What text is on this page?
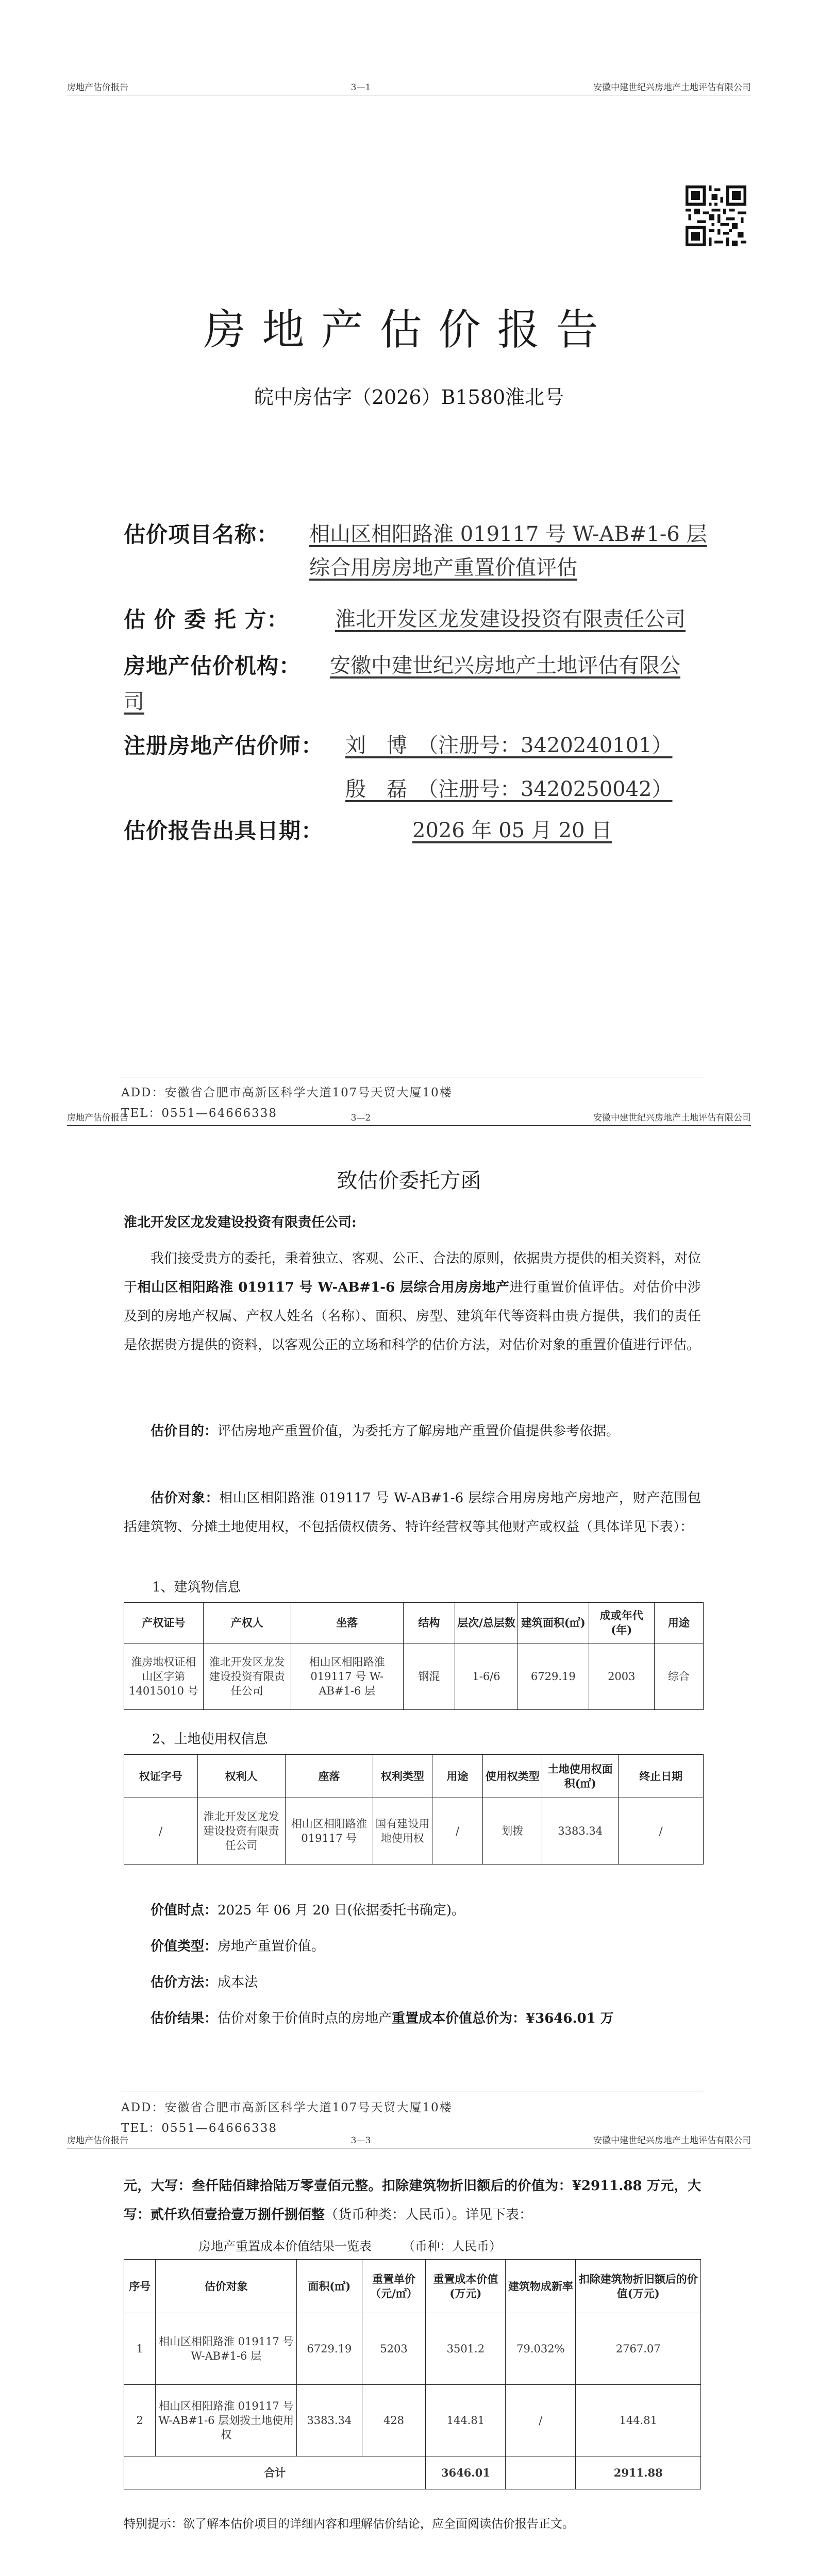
房地产估价报告	3—1	安徽中建世纪兴房地产土地评估有限公司
房地产估价报告
皖中房估字（2026）B1580淮北号
估价项目名称： 相山区相阳路淮 019117 号 W-AB#1-6 层
综合用房房地产重置价值评估
估 价 委 托 方：	淮北开发区龙发建设投资有限责任公司
房地产估价机构：	安徽中建世纪兴房地产土地评估有限公
司
注册房地产估价师：	刘　博　（注册号：3420240101）
殷　磊　（注册号：3420250042）
估价报告出具日期：	2026 年 05 月 20 日
ADD：安徽省合肥市高新区科学大道107号天贸大厦10楼
TEL：0551—64666338
房地产估价报告	3—2	安徽中建世纪兴房地产土地评估有限公司
致估价委托方函
淮北开发区龙发建设投资有限责任公司:
我们接受贵方的委托，秉着独立、客观、公正、合法的原则，依据贵方提供的相关资料，对位于相山区相阳路淮 019117 号 W-AB#1-6 层综合用房房地产进行重置价值评估。对估价中涉及到的房地产权属、产权人姓名（名称）、面积、房型、建筑年代等资料由贵方提供，我们的责任是依据贵方提供的资料，以客观公正的立场和科学的估价方法，对估价对象的重置价值进行评估。
估价目的：评估房地产重置价值，为委托方了解房地产重置价值提供参考依据。
估价对象：相山区相阳路淮 019117 号 W-AB#1-6 层综合用房房地产房地产，财产范围包括建筑物、分摊土地使用权，不包括债权债务、特许经营权等其他财产或权益（具体详见下表）：
1、建筑物信息
产权证号	产权人	坐落	结构	层次/总层数	建筑面积(㎡)	成或年代(年)	用途
淮房地权证相山区字第 14015010 号	淮北开发区龙发建设投资有限责任公司	相山区相阳路淮 019117 号 W-AB#1-6 层	钢混	1-6/6	6729.19	2003	综合
2、土地使用权信息
权证字号	权利人	座落	权利类型	用途	使用权类型	土地使用权面积(㎡)	终止日期
/	淮北开发区龙发建设投资有限责任公司	相山区相阳路淮 019117 号	国有建设用地使用权	/	划拨	3383.34	/
价值时点：2025 年 06 月 20 日(依据委托书确定)。
价值类型：房地产重置价值。
估价方法：成本法
估价结果：估价对象于价值时点的房地产重置成本价值总价为：¥3646.01 万
ADD：安徽省合肥市高新区科学大道107号天贸大厦10楼
TEL：0551—64666338
房地产估价报告	3—3	安徽中建世纪兴房地产土地评估有限公司
元，大写：叁仟陆佰肆拾陆万零壹佰元整。扣除建筑物折旧额后的价值为：¥2911.88 万元，大写：贰仟玖佰壹拾壹万捌仟捌佰整（货币种类：人民币）。详见下表：
房地产重置成本价值结果一览表　　　（币种：人民币）
序号	估价对象	面积(㎡)	重置单价（元/㎡）	重置成本价值(万元)	建筑物成新率	扣除建筑物折旧额后的价值(万元)
1	相山区相阳路淮 019117 号 W-AB#1-6 层	6729.19	5203	3501.2	79.032%	2767.07
2	相山区相阳路淮 019117 号 W-AB#1-6 层划拨土地使用权	3383.34	428	144.81	/	144.81
合计				3646.01		2911.88
特别提示：欲了解本估价项目的详细内容和理解估价结论，应全面阅读估价报告正文。
